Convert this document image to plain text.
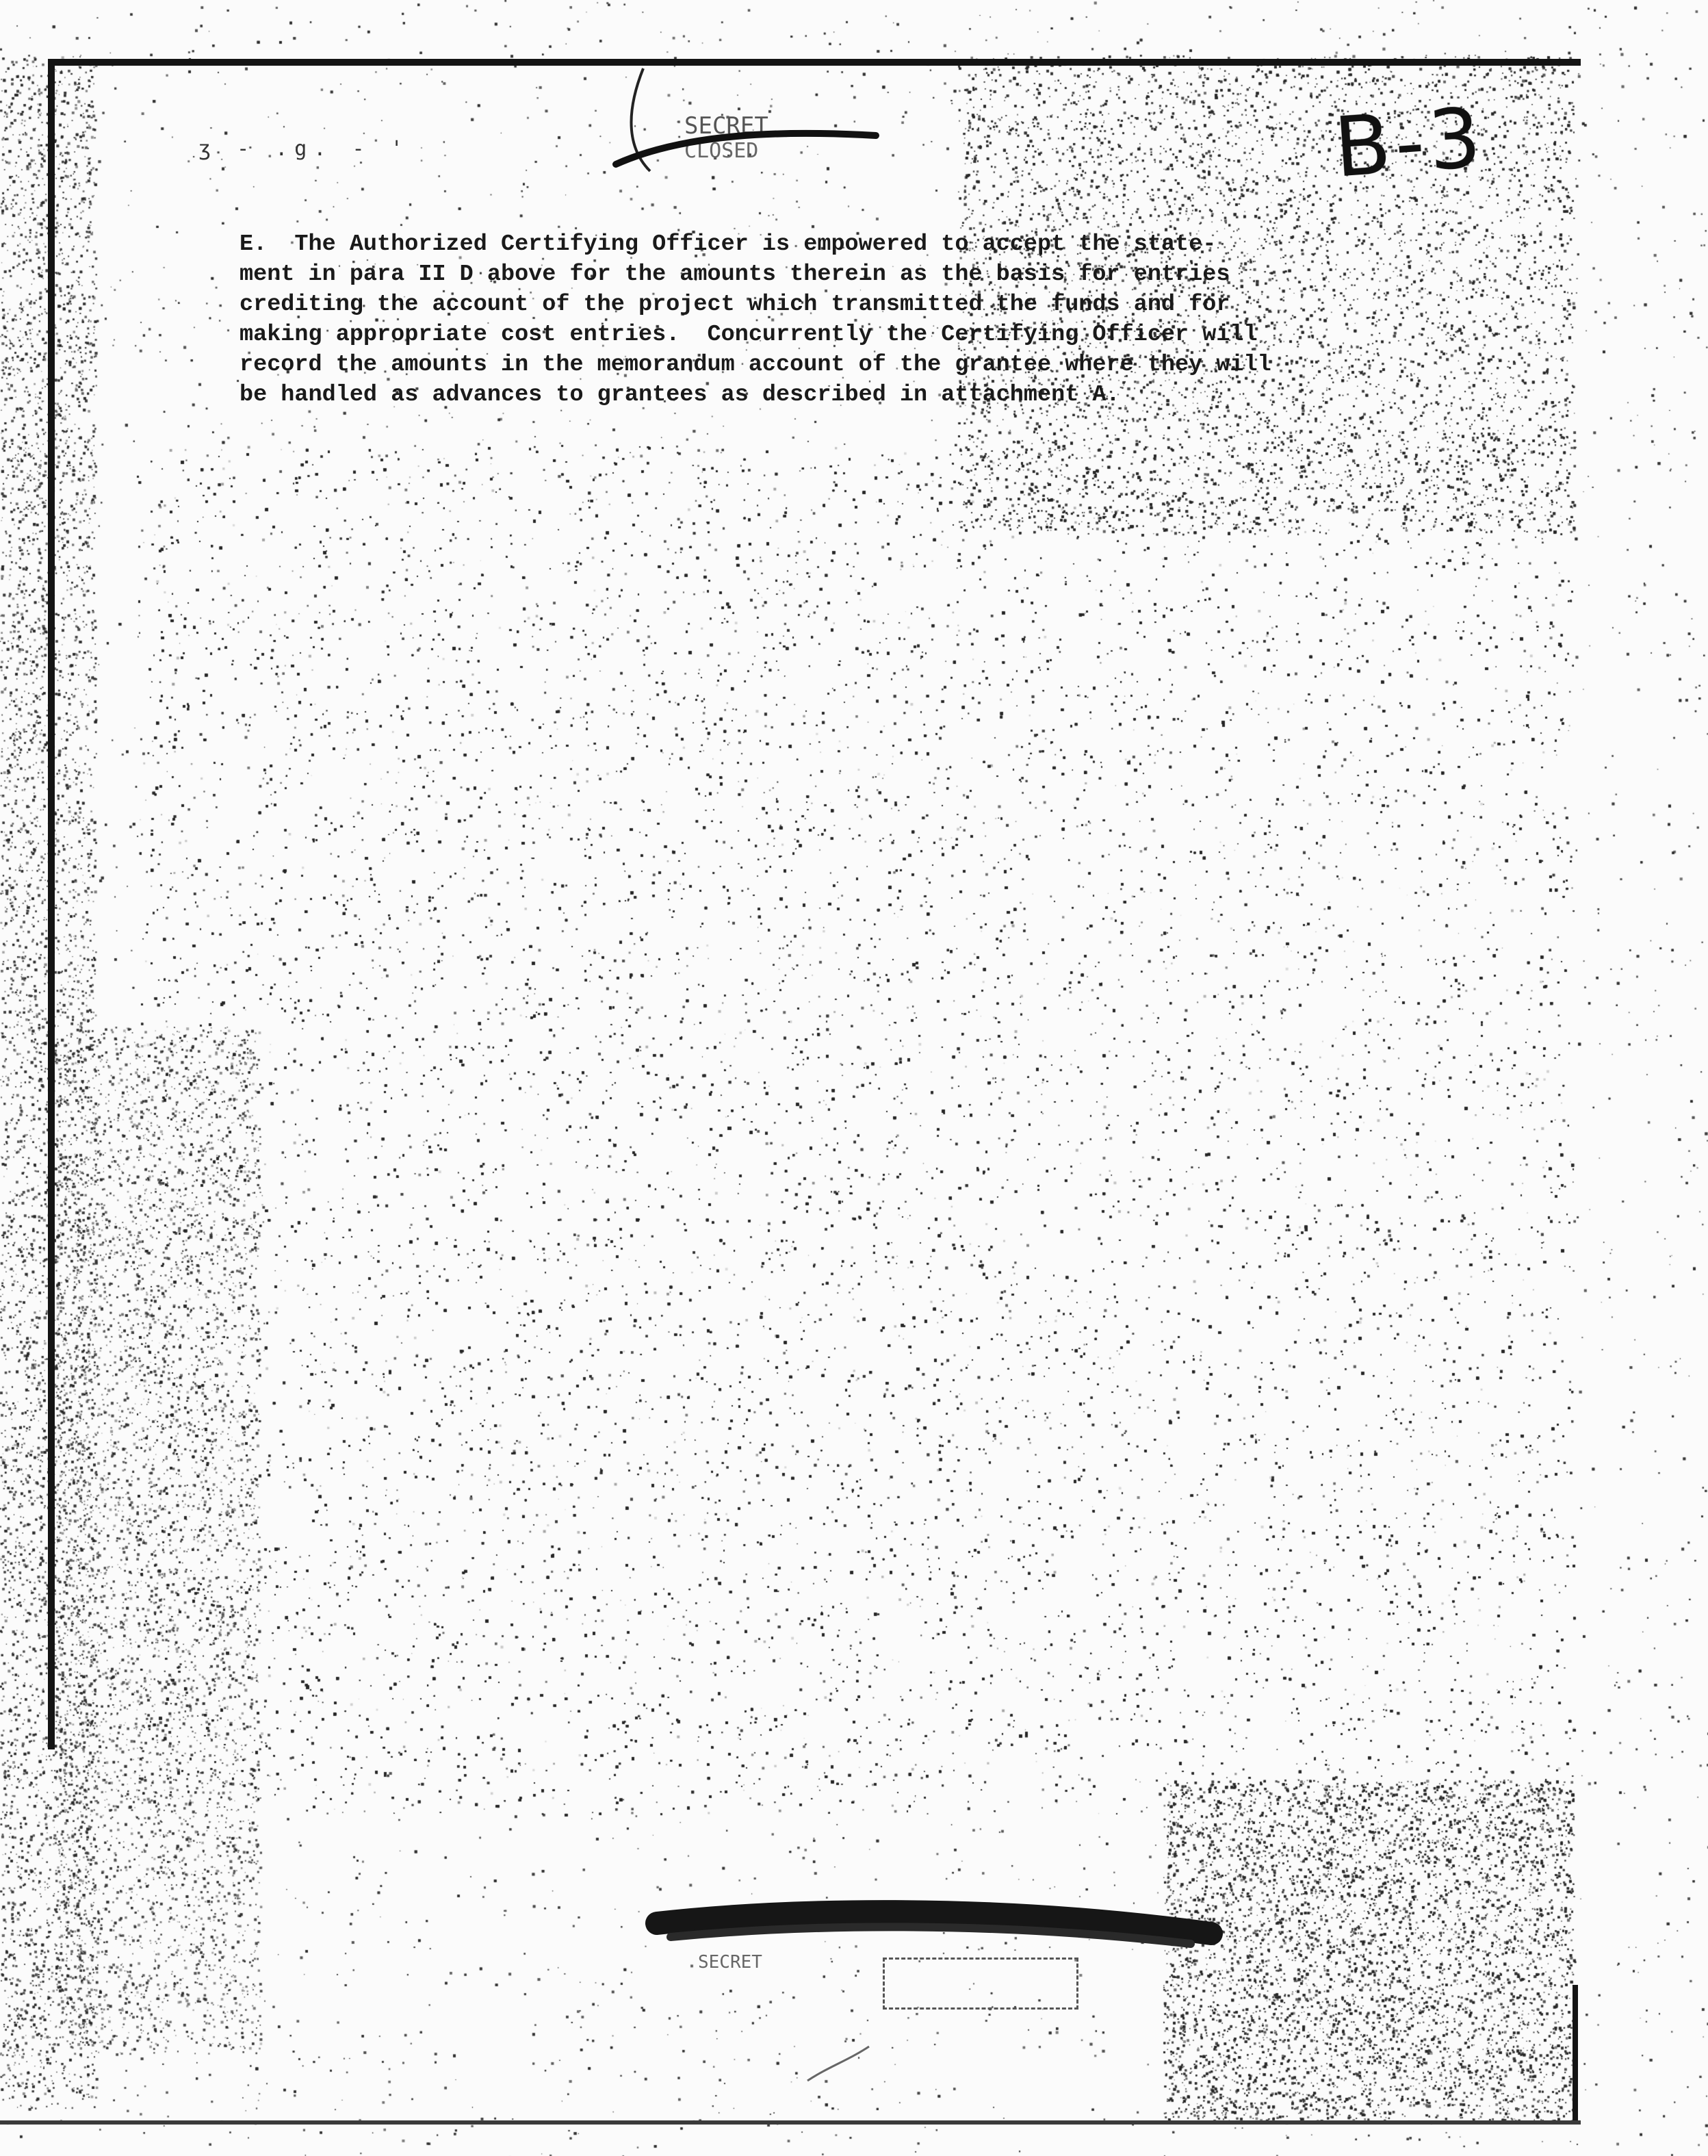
ʒ - .g. - '
SECRET
CLOSED	B-3
E.  The Authorized Certifying Officer is empowered to accept the state-
ment in para II D above for the amounts therein as the basis for entries
crediting the account of the project which transmitted the funds and for
making appropriate cost entries.  Concurrently the Certifying Officer will
record the amounts in the memorandum account of the grantee where they will
be handled as advances to grantees as described in attachment A.
SECRET
